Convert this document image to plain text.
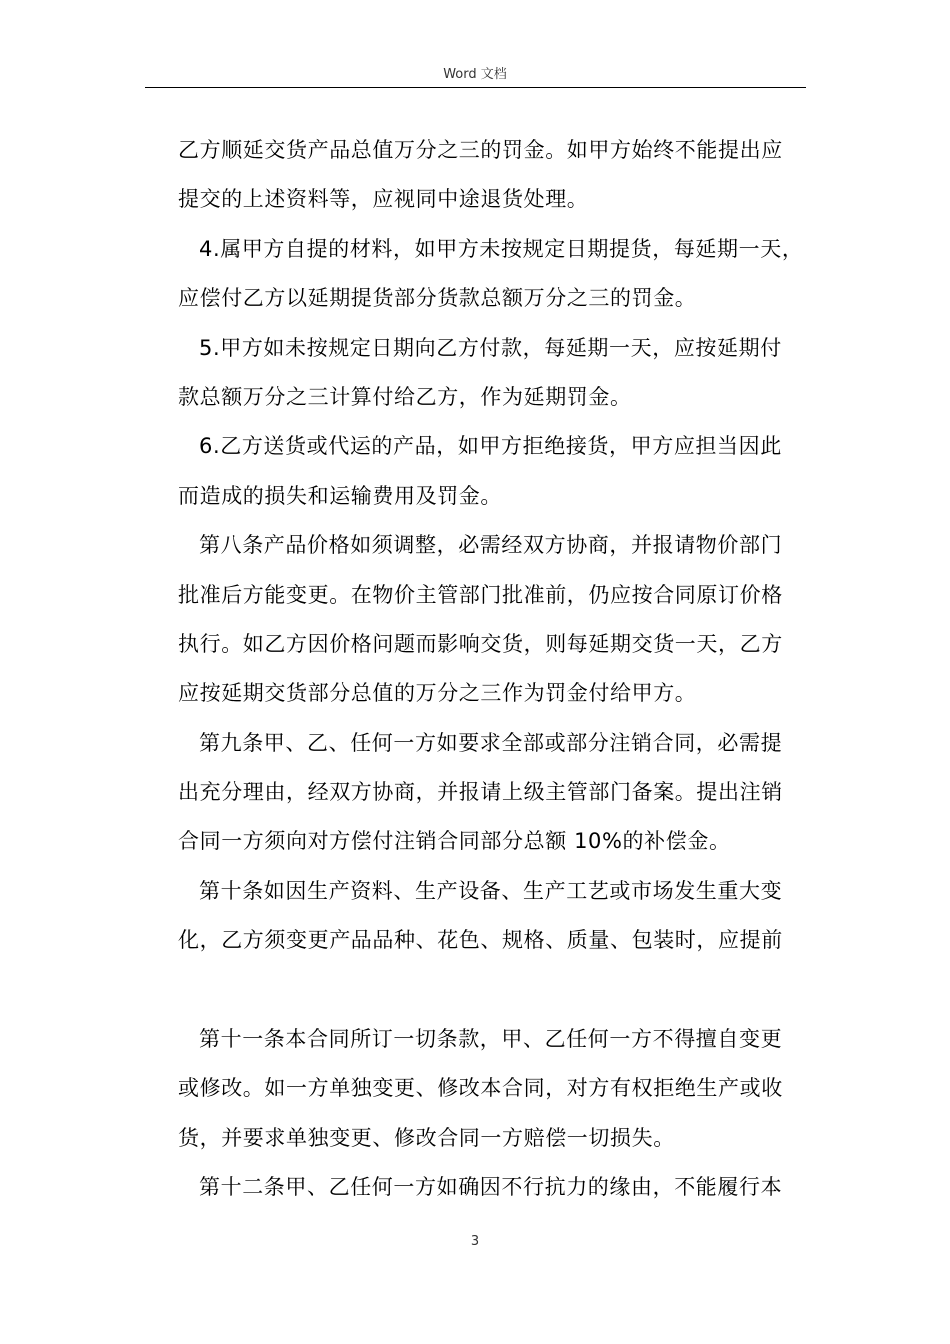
Word 文档
乙方顺延交货产品总值万分之三的罚金。如甲方始终不能提出应
提交的上述资料等，应视同中途退货处理。
4.属甲方自提的材料，如甲方未按规定日期提货，每延期一天，
应偿付乙方以延期提货部分货款总额万分之三的罚金。
5.甲方如未按规定日期向乙方付款，每延期一天，应按延期付
款总额万分之三计算付给乙方，作为延期罚金。
6.乙方送货或代运的产品，如甲方拒绝接货，甲方应担当因此
而造成的损失和运输费用及罚金。
第八条产品价格如须调整，必需经双方协商，并报请物价部门
批准后方能变更。在物价主管部门批准前，仍应按合同原订价格
执行。如乙方因价格问题而影响交货，则每延期交货一天，乙方
应按延期交货部分总值的万分之三作为罚金付给甲方。
第九条甲、乙、任何一方如要求全部或部分注销合同，必需提
出充分理由，经双方协商，并报请上级主管部门备案。提出注销
合同一方须向对方偿付注销合同部分总额 10%的补偿金。
第十条如因生产资料、生产设备、生产工艺或市场发生重大变
化，乙方须变更产品品种、花色、规格、质量、包装时，应提前
第十一条本合同所订一切条款，甲、乙任何一方不得擅自变更
或修改。如一方单独变更、修改本合同，对方有权拒绝生产或收
货，并要求单独变更、修改合同一方赔偿一切损失。
第十二条甲、乙任何一方如确因不行抗力的缘由，不能履行本
3
